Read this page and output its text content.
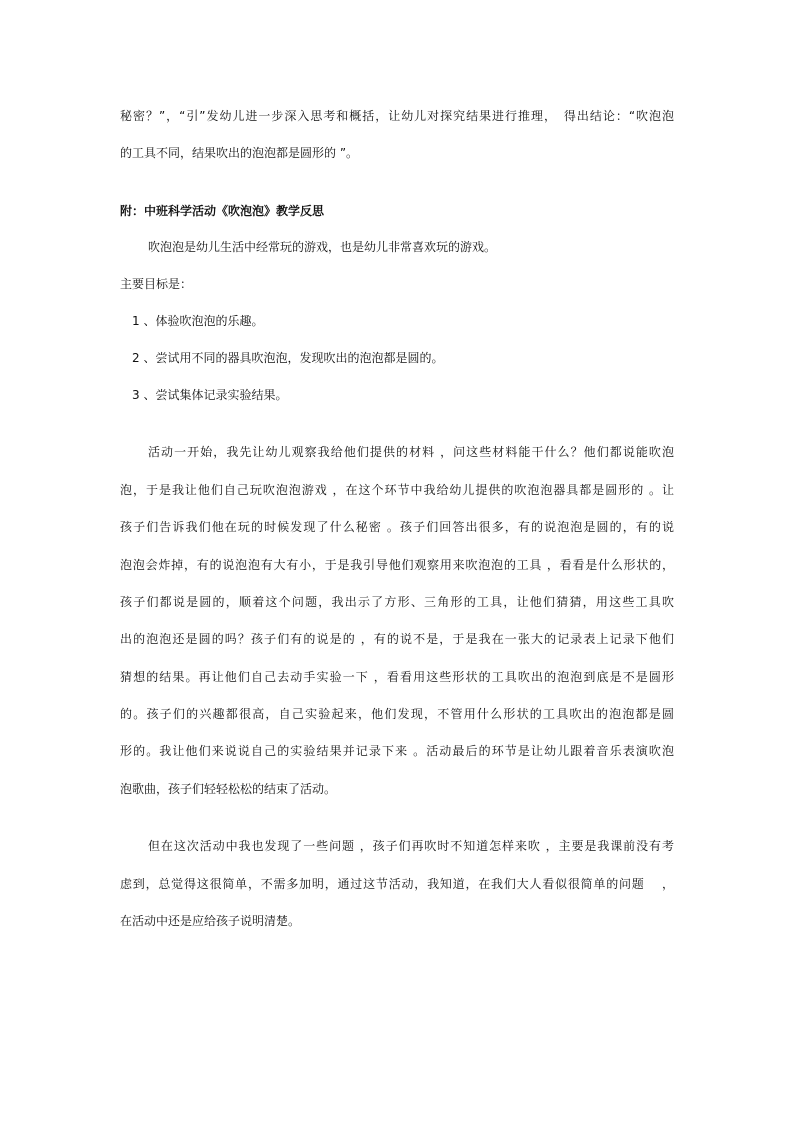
秘密？”，“引”发幼儿进一步深入思考和概括，让幼儿对探究结果进行推理，　得出结论：“吹泡泡
的工具不同，结果吹出的泡泡都是圆形的 ”。
附：中班科学活动《吹泡泡》教学反思
吹泡泡是幼儿生活中经常玩的游戏，也是幼儿非常喜欢玩的游戏。
主要目标是：
1 、体验吹泡泡的乐趣。
2 、尝试用不同的器具吹泡泡，发现吹出的泡泡都是圆的。
3 、尝试集体记录实验结果。
活动一开始，我先让幼儿观察我给他们提供的材料 ，问这些材料能干什么？他们都说能吹泡
泡，于是我让他们自己玩吹泡泡游戏 ，在这个环节中我给幼儿提供的吹泡泡器具都是圆形的 。让
孩子们告诉我们他在玩的时候发现了什么秘密 。孩子们回答出很多，有的说泡泡是圆的，有的说
泡泡会炸掉，有的说泡泡有大有小，于是我引导他们观察用来吹泡泡的工具 ，看看是什么形状的，
孩子们都说是圆的，顺着这个问题，我出示了方形、三角形的工具，让他们猜猜，用这些工具吹
出的泡泡还是圆的吗？孩子们有的说是的 ，有的说不是，于是我在一张大的记录表上记录下他们
猜想的结果。再让他们自己去动手实验一下 ，看看用这些形状的工具吹出的泡泡到底是不是圆形
的。孩子们的兴趣都很高，自己实验起来，他们发现，不管用什么形状的工具吹出的泡泡都是圆
形的。我让他们来说说自己的实验结果并记录下来 。活动最后的环节是让幼儿跟着音乐表演吹泡
泡歌曲，孩子们轻轻松松的结束了活动。
但在这次活动中我也发现了一些问题 ，孩子们再吹时不知道怎样来吹 ，主要是我课前没有考
虑到，总觉得这很简单，不需多加明，通过这节活动，我知道，在我们大人看似很简单的问题　 ，
在活动中还是应给孩子说明清楚。
